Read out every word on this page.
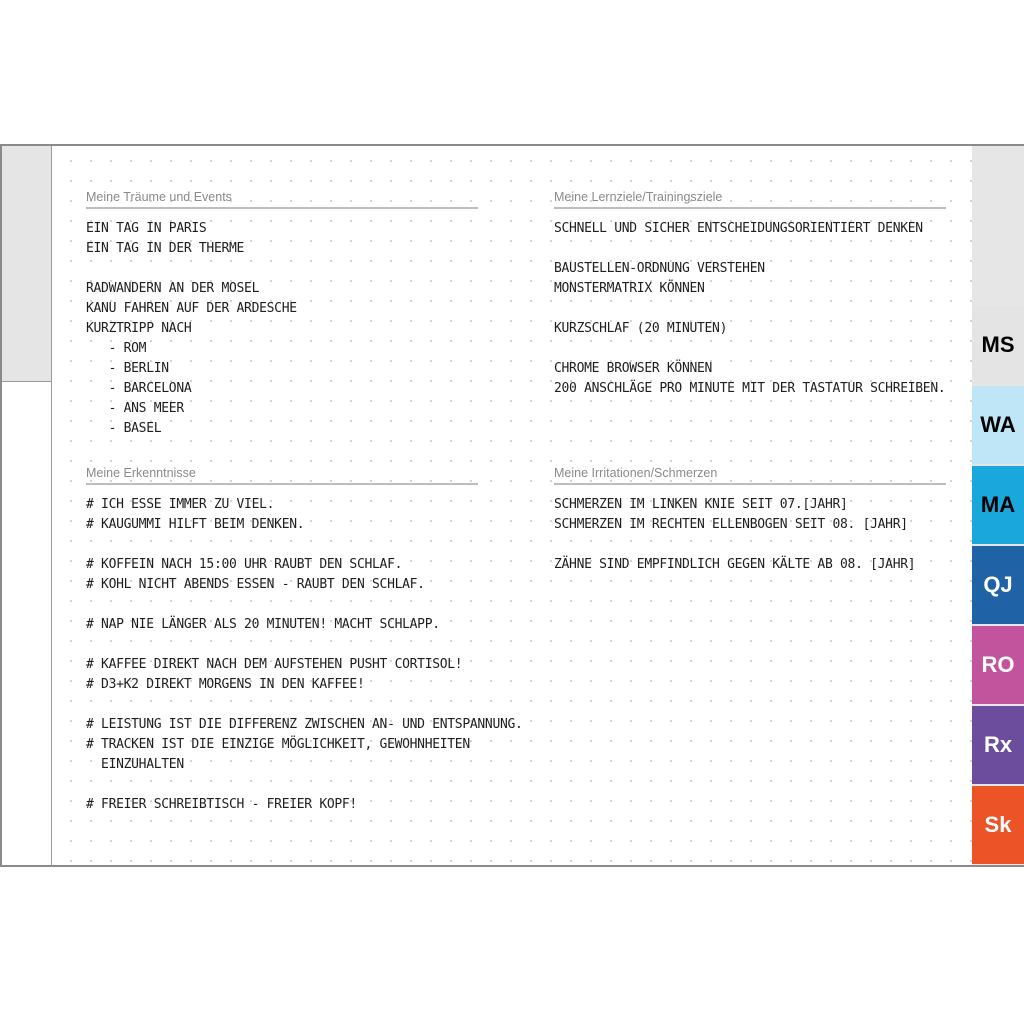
Meine Träume und Events
EIN TAG IN PARIS
EIN TAG IN DER THERME
RADWANDERN AN DER MOSEL
KANU FAHREN AUF DER ARDESCHE
KURZTRIPP NACH
- ROM
- BERLIN
- BARCELONA
- ANS MEER
- BASEL
Meine Erkenntnisse
# ICH ESSE IMMER ZU VIEL.
# KAUGUMMI HILFT BEIM DENKEN.
# KOFFEIN NACH 15:00 UHR RAUBT DEN SCHLAF.
# KOHL NICHT ABENDS ESSEN - RAUBT DEN SCHLAF.
# NAP NIE LÄNGER ALS 20 MINUTEN! MACHT SCHLAPP.
# KAFFEE DIREKT NACH DEM AUFSTEHEN PUSHT CORTISOL!
# D3+K2 DIREKT MORGENS IN DEN KAFFEE!
# LEISTUNG IST DIE DIFFERENZ ZWISCHEN AN- UND ENTSPANNUNG.
# TRACKEN IST DIE EINZIGE MÖGLICHKEIT, GEWOHNHEITEN
EINZUHALTEN
# FREIER SCHREIBTISCH - FREIER KOPF!
Meine Lernziele/Trainingsziele
SCHNELL UND SICHER ENTSCHEIDUNGSORIENTIERT DENKEN
BAUSTELLEN-ORDNUNG VERSTEHEN
MONSTERMATRIX KÖNNEN
KURZSCHLAF (20 MINUTEN)
CHROME BROWSER KÖNNEN
200 ANSCHLÄGE PRO MINUTE MIT DER TASTATUR SCHREIBEN.
Meine Irritationen/Schmerzen
SCHMERZEN IM LINKEN KNIE SEIT 07.[JAHR]
SCHMERZEN IM RECHTEN ELLENBOGEN SEIT 08. [JAHR]
ZÄHNE SIND EMPFINDLICH GEGEN KÄLTE AB 08. [JAHR]
MS
WA
MA
QJ
RO
Rx
Sk
